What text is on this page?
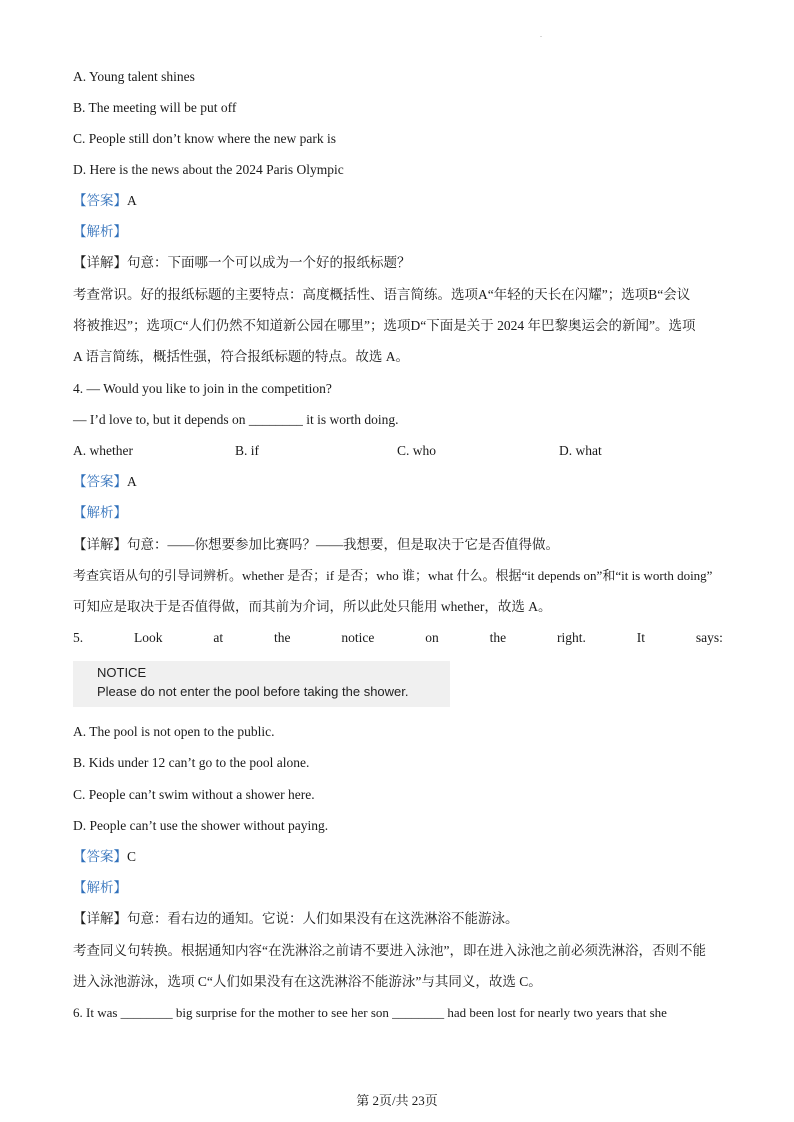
.
A. Young talent shines
B. The meeting will be put off
C. People still don’t know where the new park is
D. Here is the news about the 2024 Paris Olympic
【答案】A
【解析】
【详解】句意：下面哪一个可以成为一个好的报纸标题？
考查常识。好的报纸标题的主要特点：高度概括性、语言简练。选项A“年轻的天长在闪耀”；选项B“会议
将被推迟”；选项C“人们仍然不知道新公园在哪里”；选项D“下面是关于 2024 年巴黎奥运会的新闻”。选项
A 语言简练，概括性强，符合报纸标题的特点。故选 A。
4. — Would you like to join in the competition?
— I’d love to, but it depends on ________ it is worth doing.
A. whether	B. if	C. who	D. what
【答案】A
【解析】
【详解】句意：——你想要参加比赛吗？——我想要，但是取决于它是否值得做。
考查宾语从句的引导词辨析。whether 是否；if 是否；who 谁；what 什么。根据“it depends on”和“it is worth doing”
可知应是取决于是否值得做，而其前为介词，所以此处只能用 whether，故选 A。
5.	Look	at	the	notice	on	the	right.	It	says:
NOTICE
Please do not enter the pool before taking the shower.
A. The pool is not open to the public.
B. Kids under 12 can’t go to the pool alone.
C. People can’t swim without a shower here.
D. People can’t use the shower without paying.
【答案】C
【解析】
【详解】句意：看右边的通知。它说：人们如果没有在这洗淋浴不能游泳。
考查同义句转换。根据通知内容“在洗淋浴之前请不要进入泳池”，即在进入泳池之前必须洗淋浴，否则不能
进入泳池游泳，选项 C“人们如果没有在这洗淋浴不能游泳”与其同义，故选 C。
6. It was ________ big surprise for the mother to see her son ________ had been lost for nearly two years that she
第 2页/共 23页
